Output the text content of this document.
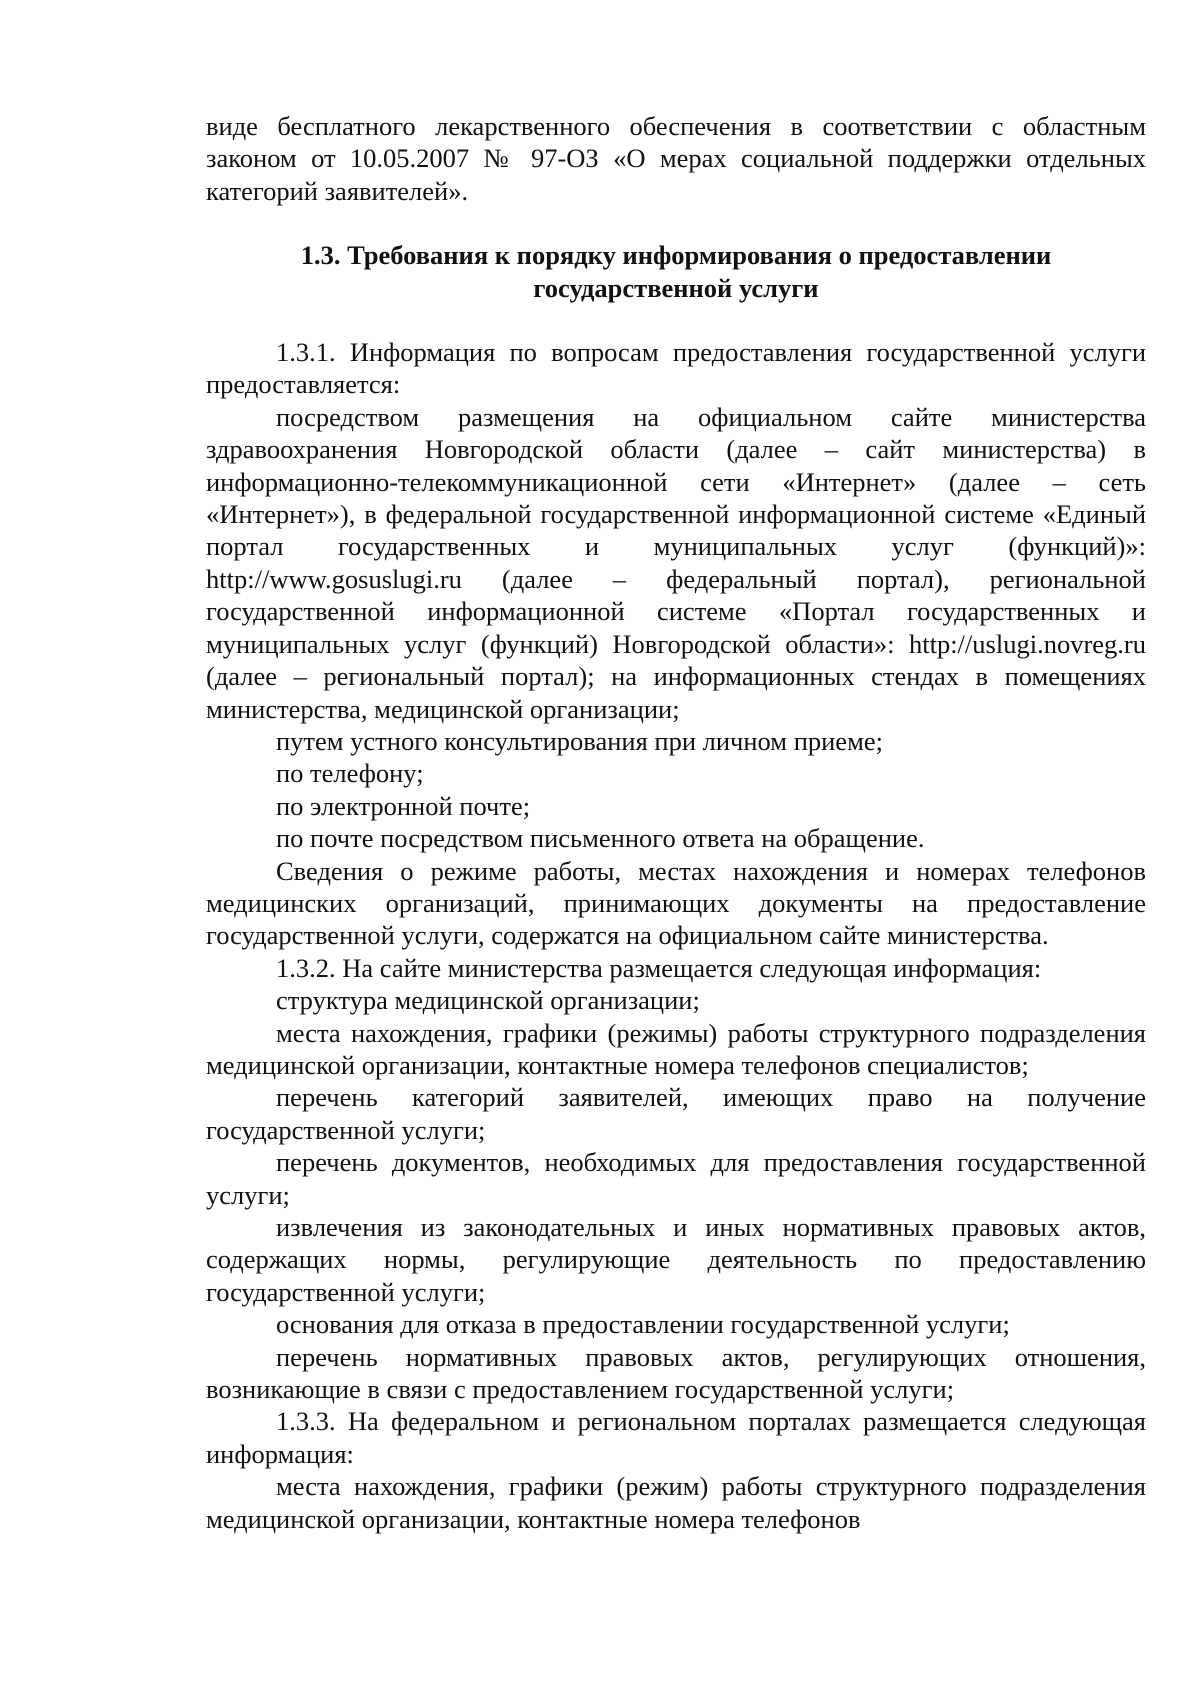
виде бесплатного лекарственного обеспечения в соответствии с областным законом от 10.05.2007 № 97-ОЗ «О мерах социальной поддержки отдельных категорий заявителей».

1.3. Требования к порядку информирования о предоставлении
государственной услуги

1.3.1. Информация по вопросам предоставления государственной услуги предоставляется:

посредством размещения на официальном сайте министерства здравоохранения Новгородской области (далее – сайт министерства) в информационно-телекоммуникационной сети «Интернет» (далее – сеть «Интернет»), в федеральной государственной информационной системе «Единый портал государственных и муниципальных услуг (функций)»: http://www.gosuslugi.ru (далее – федеральный портал), региональной государственной информационной системе «Портал государственных и муниципальных услуг (функций) Новгородской области»: http://uslugi.novreg.ru (далее – региональный портал); на информационных стендах в помещениях министерства, медицинской организации;

путем устного консультирования при личном приеме;

по телефону;

по электронной почте;

по почте посредством письменного ответа на обращение.

Сведения о режиме работы, местах нахождения и номерах телефонов медицинских организаций, принимающих документы на предоставление государственной услуги, содержатся на официальном сайте министерства.

1.3.2. На сайте министерства размещается следующая информация:

структура медицинской организации;

места нахождения, графики (режимы) работы структурного подразделения медицинской организации, контактные номера телефонов специалистов;

перечень категорий заявителей, имеющих право на получение государственной услуги;

перечень документов, необходимых для предоставления государственной услуги;

извлечения из законодательных и иных нормативных правовых актов, содержащих нормы, регулирующие деятельность по предоставлению государственной услуги;

основания для отказа в предоставлении государственной услуги;

перечень нормативных правовых актов, регулирующих отношения, возникающие в связи с предоставлением государственной услуги;

1.3.3. На федеральном и региональном порталах размещается следующая информация:

места нахождения, графики (режим) работы структурного подразделения медицинской организации, контактные номера телефонов
